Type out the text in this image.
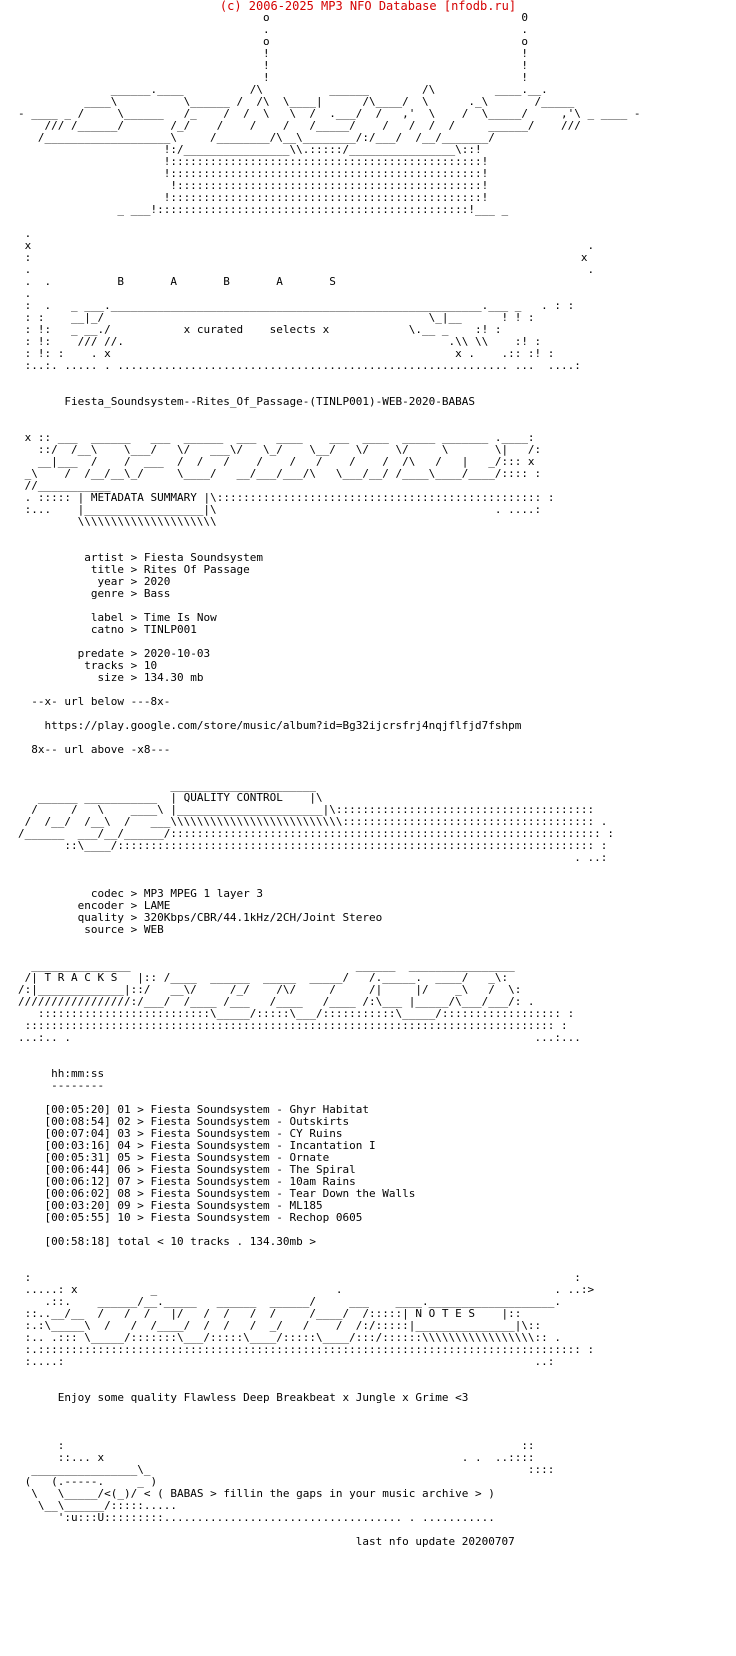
(c) 2006-2025 MP3 NFO Database [nfodb.ru]
o                                      0
.                                      .
o                                      o
!                                      !
!                                      !
!                                      !
______.____          /\          ______        /\         ____.__.
____\          \______ /  /\  \____|      /\____/  \      ._\       /_____
- ____ _ /     \______   /_    /  /  \   \  /  .___/  /   ,'  \    /  \_____/     ,'\ _ ____ -
/// /______/       /_/    /    /    /   /_____/    /   /  /  /     ______/    ///
/___________________\     /________/\__\________/:/___/  /__/_______/
!:/________________\\.:::::/________________\::!
!:::::::::::::::::::::::::::::::::::::::::::::::!
!:::::::::::::::::::::::::::::::::::::::::::::::!
!::::::::::::::::::::::::::::::::::::::::::::::!
!:::::::::::::::::::::::::::::::::::::::::::::::!
_ ___!:::::::::::::::::::::::::::::::::::::::::::::::!___ _

.
x                                                                                    .
:                                                                                   x
.                                                                                    .
.  .	B       A       B       A       S
.
:  .   _ ___.________________________________________________________.___ _   . : :
: :    __|_/                                                 \_|__      ! ! :
: !:   _ __./	x curated    selects x	\.__ _    :! :
: !:    /// //.                                                 .\\ \\    :! :
: !: :    . x                                                    x .    .:: :! :
:..:. ..... . ........................................................... ...  ....:

Fiesta_Soundsystem--Rites_Of_Passage-(TINLP001)-WEB-2020-BABAS

x :: ___  ______   ___  ______  ___   ____    ___  ____  _____ _______ .____:
::/  /__\    \___/   \/   ___\/   \_/    \__/   \/    \/     \       \|   /:
__|___  /    /  ___  /  /   /    /    /   /    /    /  /\   /   |   _/::: x
_\    /  /__/__\_/     \____/   __/___/___/\   \___/__/ /____\____/____/:::: :
//___________
. ::::: | METADATA SUMMARY |\::::::::::::::::::::::::::::::::::::::::::::::::: :
:...    |__________________|\                                          . ....:
\\\\\\\\\\\\\\\\\\\\\

artist > Fiesta Soundsystem
title > Rites Of Passage
year > 2020
genre > Bass

label > Time Is Now
catno > TINLP001

predate > 2020-10-03
tracks > 10
size > 134.30 mb

--x- url below ---8x-

https://play.google.com/store/music/album?id=Bg32ijcrsfrj4nqjflfjd7fshpm

8x-- url above -x8---

______________________
______ ___________  | QUALITY CONTROL    |\
/     /   \    ____\ |______________________|\:::::::::::::::::::::::::::::::::::::::
/  /__/  /__\  /   ___\\\\\\\\\\\\\\\\\\\\\\\\\\:::::::::::::::::::::::::::::::::::::: .
/______  ___/__/______/::::::::::::::::::::::::::::::::::::::::::::::::::::::::::::::::: :
::\____/:::::::::::::::::::::::::::::::::::::::::::::::::::::::::::::::::::::::: :
. ..:

codec > MP3 MPEG 1 layer 3
encoder > LAME
quality > 320Kbps/CBR/44.1kHz/2CH/Joint Stereo
source > WEB

_______________                                  ______  ________________
/| T R A C K S   |:: /____  ______  _____  _____/   /._____.  ____/   _\:
/:|_____________|::/   __\/     /_/    /\/     /     /|     |/    _\   /  \:
/////////////////:/___/  /____ /___   /____   /____ /:\___ |_____/\___/___/: .
::::::::::::::::::::::::::\_____/:::::\___/:::::::::::\_____/:::::::::::::::::: :
:::::::::::::::::::::::::::::::::::::::::::::::::::::::::::::::::::::::::::::::: :
...:.. .                                                                      ...:...

hh:mm:ss
--------

[00:05:20] 01 > Fiesta Soundsystem - Ghyr Habitat
[00:08:54] 02 > Fiesta Soundsystem - Outskirts
[00:07:04] 03 > Fiesta Soundsystem - CY Ruins
[00:03:16] 04 > Fiesta Soundsystem - Incantation I
[00:05:31] 05 > Fiesta Soundsystem - Ornate
[00:06:44] 06 > Fiesta Soundsystem - The Spiral
[00:06:12] 07 > Fiesta Soundsystem - 10am Rains
[00:06:02] 08 > Fiesta Soundsystem - Tear Down the Walls
[00:03:20] 09 > Fiesta Soundsystem - ML185
[00:05:55] 10 > Fiesta Soundsystem - Rechop 0605

[00:58:18] total < 10 tracks . 134.30mb >

:                                                                                  :
.....: x           _                           .                                . ..:>
.::.    ______/__._____   ______  ______/     ___    ____.___________________.
::..__/__  /   /  /   |/   /  /   /  /     /____/  /:::::| N O T E S    |::
:.:\_____\  /   /  /____/  /  /   /  _/   /    /  /:/:::::|_______________|\::
:.. .::: \_____/:::::::\___/:::::\____/:::::\____/:::/::::::\\\\\\\\\\\\\\\\\:: .
:.:::::::::::::::::::::::::::::::::::::::::::::::::::::::::::::::::::::::::::::::::: :
:....:                                                                       ..:

Enjoy some quality Flawless Deep Breakbeat x Jungle x Grime <3

:                                                                     ::
::... x                                                      . .  ..::::
________________\_                                                         ::::
(   (.-----.     _ )
\   \_____/<(_)/ < ( BABAS > fillin the gaps in your music archive > )
\__\______/:::::.....
':u:::U:::::::::.................................... . ...........

last nfo update 20200707
